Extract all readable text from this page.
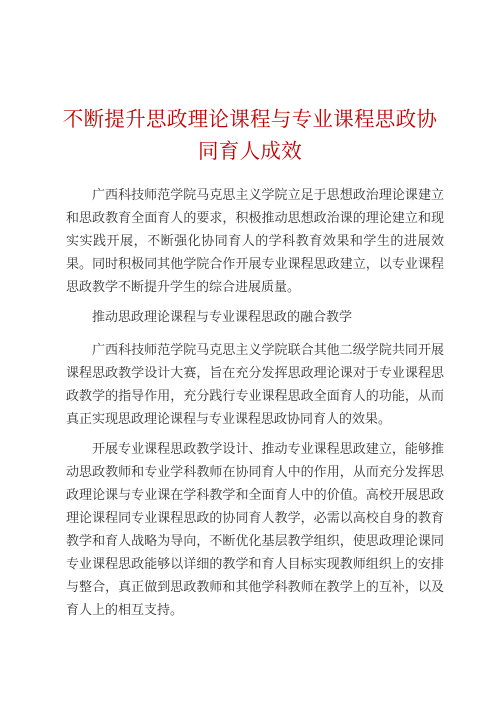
不断提升思政理论课程与专业课程思政协同育人成效

广西科技师范学院马克思主义学院立足于思想政治理论课建立和思政教育全面育人的要求，积极推动思想政治课的理论建立和现实实践开展，不断强化协同育人的学科教育效果和学生的进展效果。同时积极同其他学院合作开展专业课程思政建立，以专业课程思政教学不断提升学生的综合进展质量。

推动思政理论课程与专业课程思政的融合教学

广西科技师范学院马克思主义学院联合其他二级学院共同开展课程思政教学设计大赛，旨在充分发挥思政理论课对于专业课程思政教学的指导作用，充分践行专业课程思政全面育人的功能，从而真正实现思政理论课程与专业课程思政协同育人的效果。

开展专业课程思政教学设计、推动专业课程思政建立，能够推动思政教师和专业学科教师在协同育人中的作用，从而充分发挥思政理论课与专业课在学科教学和全面育人中的价值。高校开展思政理论课程同专业课程思政的协同育人教学，必需以高校自身的教育教学和育人战略为导向，不断优化基层教学组织，使思政理论课同专业课程思政能够以详细的教学和育人目标实现教师组织上的安排与整合，真正做到思政教师和其他学科教师在教学上的互补，以及育人上的相互支持。
